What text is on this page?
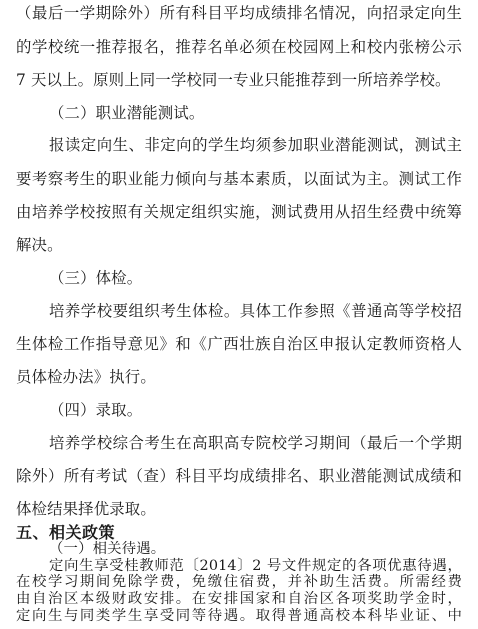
（最后一学期除外）所有科目平均成绩排名情况，向招录定向生
的学校统一推荐报名，推荐名单必须在校园网上和校内张榜公示
7 天以上。原则上同一学校同一专业只能推荐到一所培养学校。
（二）职业潜能测试。
报读定向生、非定向的学生均须参加职业潜能测试，测试主
要考察考生的职业能力倾向与基本素质，以面试为主。测试工作
由培养学校按照有关规定组织实施，测试费用从招生经费中统筹
解决。
（三）体检。
培养学校要组织考生体检。具体工作参照《普通高等学校招
生体检工作指导意见》和《广西壮族自治区申报认定教师资格人
员体检办法》执行。
（四）录取。
培养学校综合考生在高职高专院校学习期间（最后一个学期
除外）所有考试（查）科目平均成绩排名、职业潜能测试成绩和
体检结果择优录取。
五、相关政策
（一）相关待遇。
定向生享受桂教师范〔2014〕2 号文件规定的各项优惠待遇，
在校学习期间免除学费，免缴住宿费，并补助生活费。所需经费
由自治区本级财政安排。在安排国家和自治区各项奖助学金时，
定向生与同类学生享受同等待遇。取得普通高校本科毕业证、中
